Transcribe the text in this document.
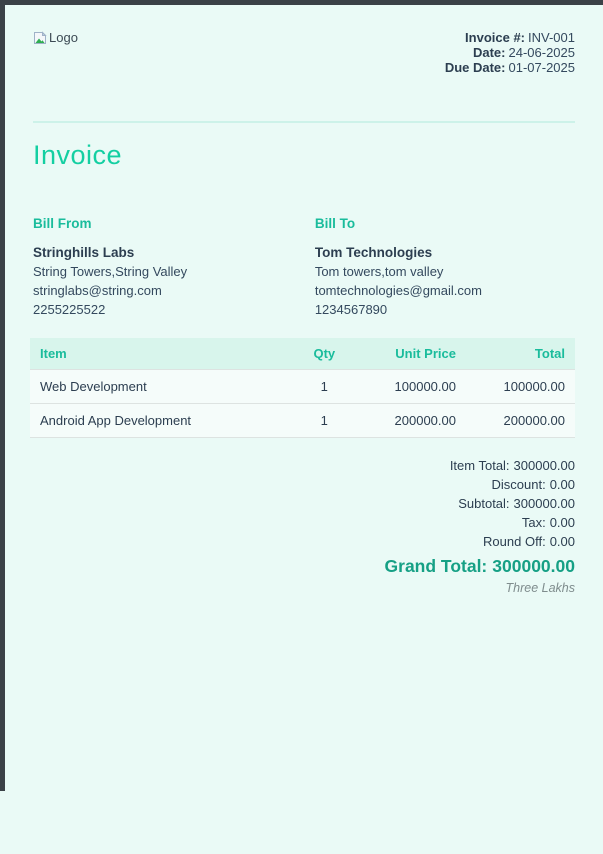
Logo	Invoice #: INV-001
Date: 24-06-2025
Due Date: 01-07-2025
Invoice
Bill From
Stringhills Labs
String Towers,String Valley
stringlabs@string.com
2255225522
Bill To
Tom Technologies
Tom towers,tom valley
tomtechnologies@gmail.com
1234567890
Item	Qty	Unit Price	Total
Web Development	1	100000.00	100000.00
Android App Development	1	200000.00	200000.00
Item Total: 300000.00
Discount: 0.00
Subtotal: 300000.00
Tax: 0.00
Round Off: 0.00
Grand Total: 300000.00
Three Lakhs
